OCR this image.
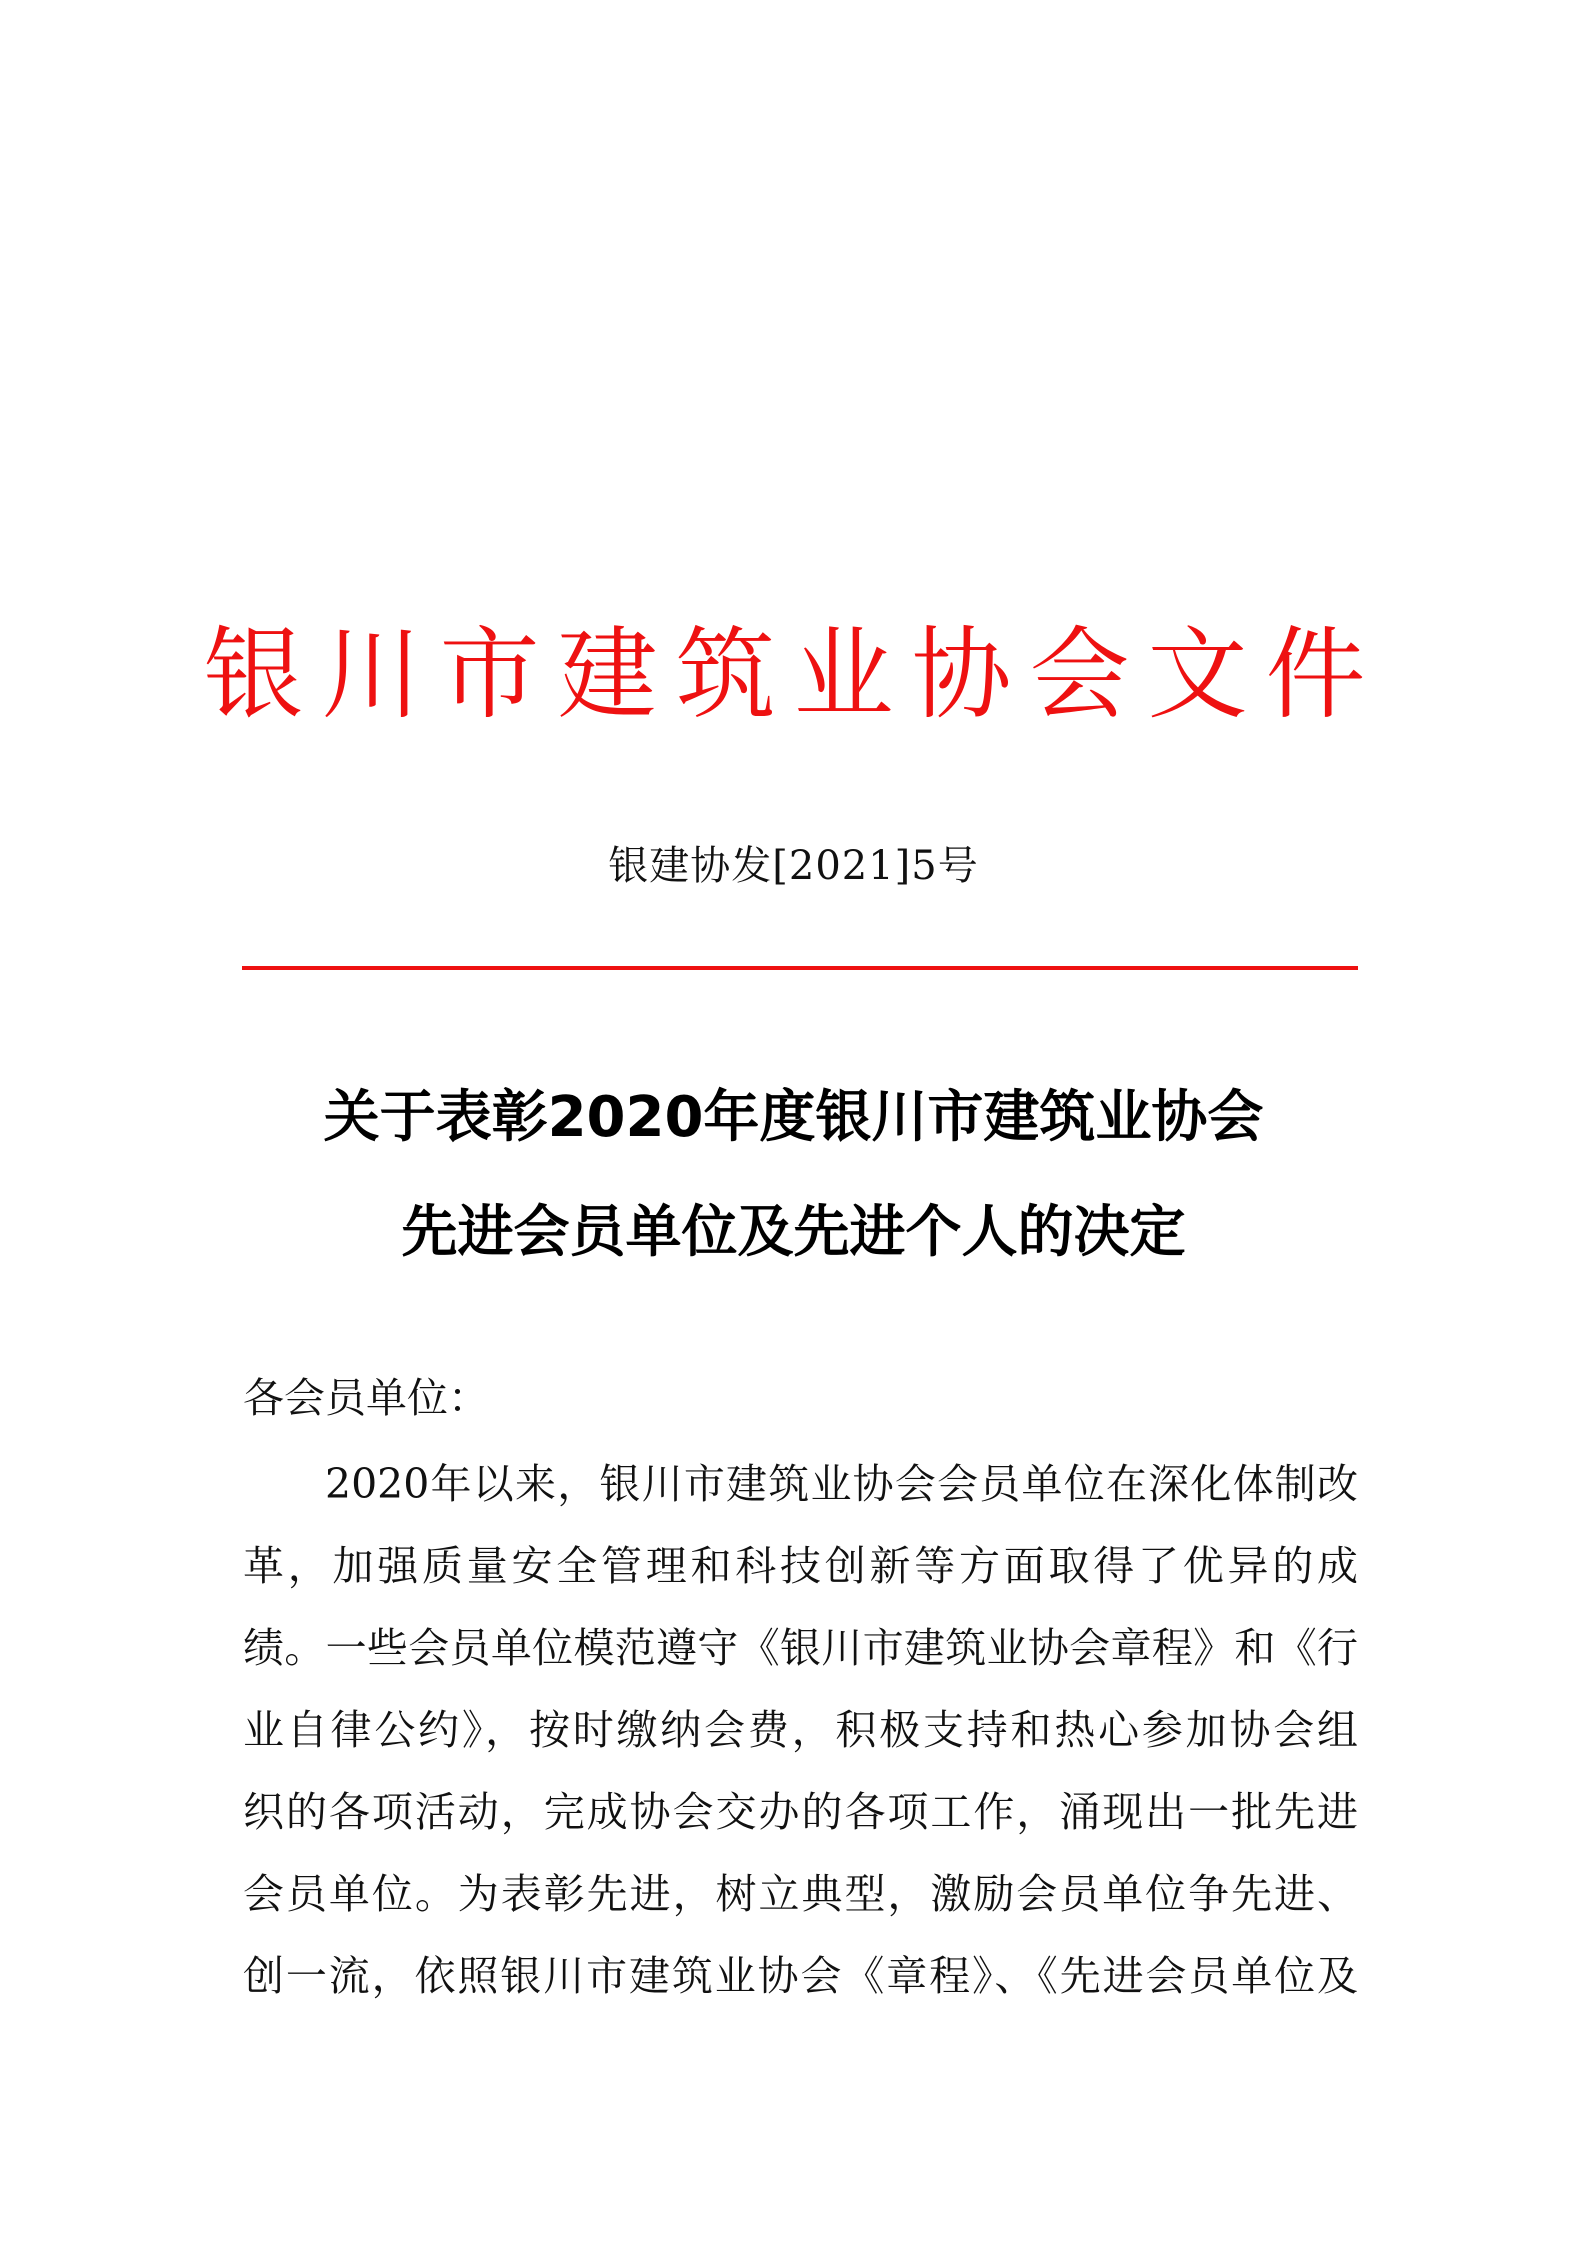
银川市建筑业协会文件
银建协发[2021]5号
关于表彰2020年度银川市建筑业协会
先进会员单位及先进个人的决定
各会员单位：
2020年以来，银川市建筑业协会会员单位在深化体制改
革，加强质量安全管理和科技创新等方面取得了优异的成
绩。一些会员单位模范遵守《银川市建筑业协会章程》和《行
业自律公约》，按时缴纳会费，积极支持和热心参加协会组
织的各项活动，完成协会交办的各项工作，涌现出一批先进
会员单位。为表彰先进，树立典型，激励会员单位争先进、
创一流，依照银川市建筑业协会《章程》、《先进会员单位及
